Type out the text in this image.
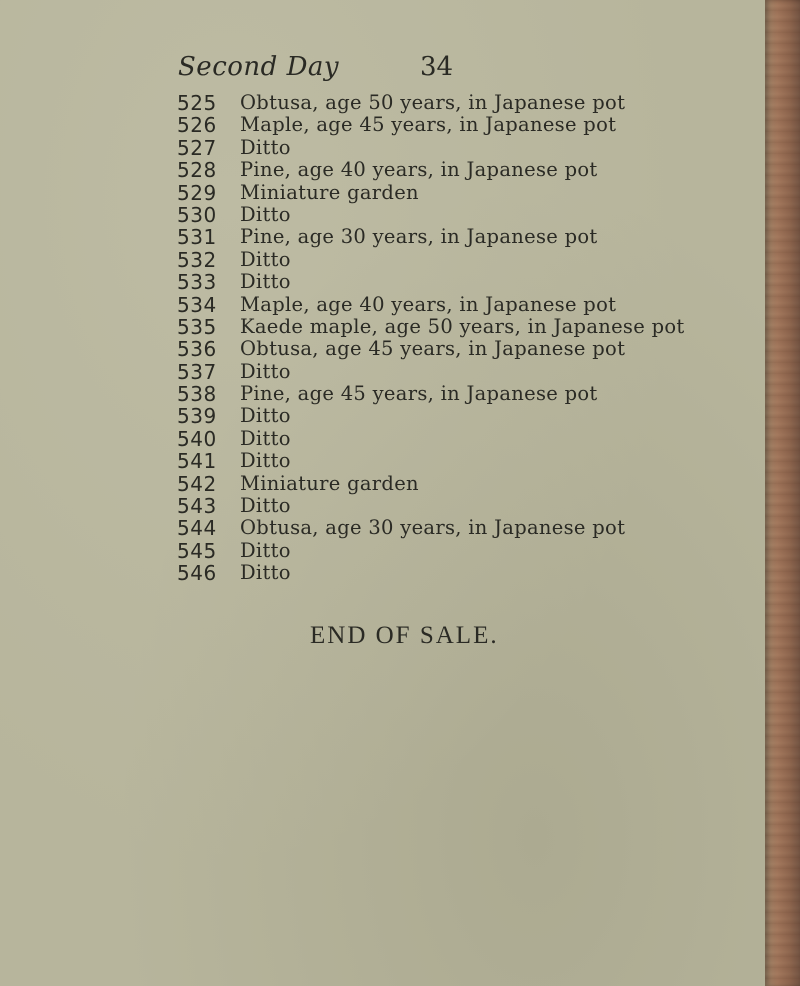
Second Day	34
525 Obtusa, age 50 years, in Japanese pot
526 Maple, age 45 years, in Japanese pot
527 Ditto
528 Pine, age 40 years, in Japanese pot
529 Miniature garden
530 Ditto
531 Pine, age 30 years, in Japanese pot
532 Ditto
533 Ditto
534 Maple, age 40 years, in Japanese pot
535 Kaede maple, age 50 years, in Japanese pot
536 Obtusa, age 45 years, in Japanese pot
537 Ditto
538 Pine, age 45 years, in Japanese pot
539 Ditto
540 Ditto
541 Ditto
542 Miniature garden
543 Ditto
544 Obtusa, age 30 years, in Japanese pot
545 Ditto
546 Ditto
END OF SALE.
